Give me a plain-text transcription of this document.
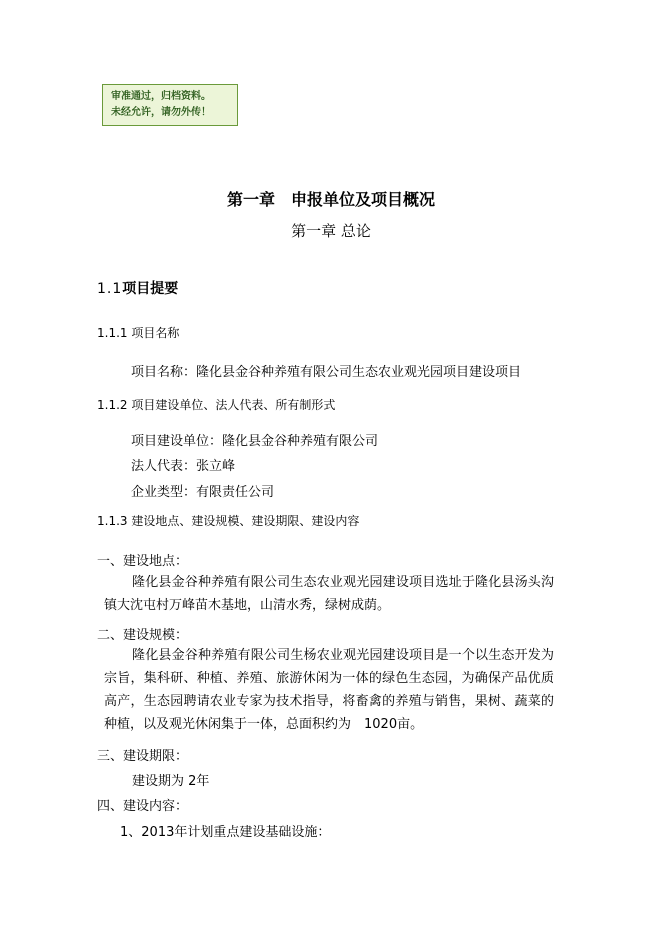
审准通过，归档资料。
未经允许，请勿外传！
第一章　申报单位及项目概况
第一章 总论
1.1项目提要
1.1.1 项目名称
项目名称：隆化县金谷种养殖有限公司生态农业观光园项目建设项目
1.1.2 项目建设单位、法人代表、所有制形式
项目建设单位：隆化县金谷种养殖有限公司
法人代表：张立峰
企业类型：有限责任公司
1.1.3 建设地点、建设规模、建设期限、建设内容
一、建设地点：
隆化县金谷种养殖有限公司生态农业观光园建设项目选址于隆化县汤头沟镇大沈屯村万峰苗木基地，山清水秀，绿树成荫。
二、建设规模：
隆化县金谷种养殖有限公司生杨农业观光园建设项目是一个以生态开发为宗旨，集科研、种植、养殖、旅游休闲为一体的绿色生态园，为确保产品优质高产，生态园聘请农业专家为技术指导，将畜禽的养殖与销售，果树、蔬菜的种植，以及观光休闲集于一体，总面积约为　1020亩。
三、建设期限：
建设期为 2年
四、建设内容：
1、2013年计划重点建设基础设施：
